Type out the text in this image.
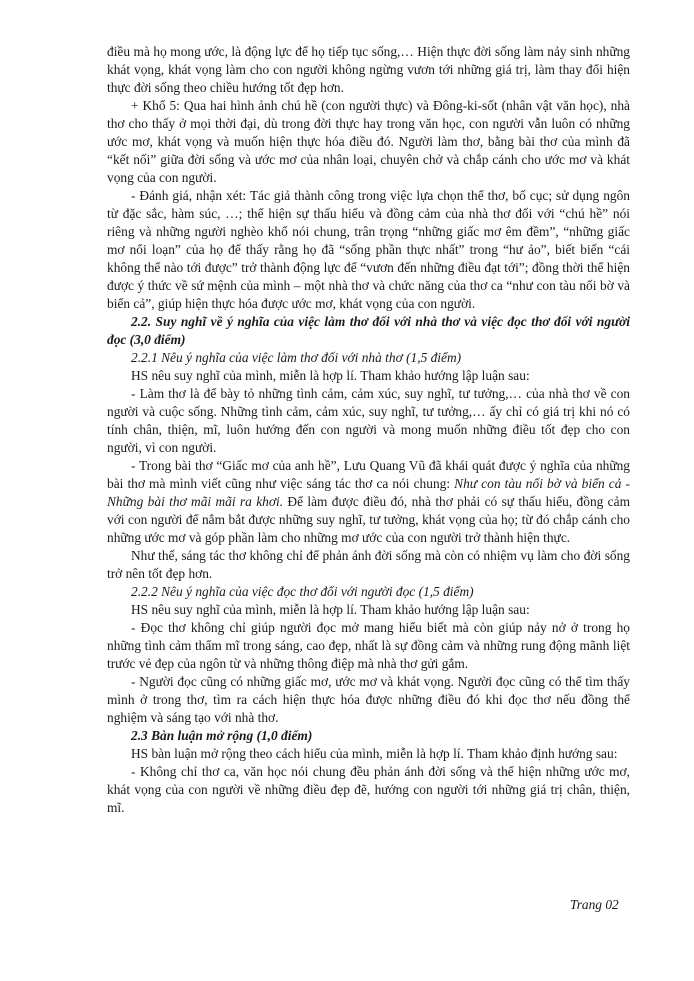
điều mà họ mong ước, là động lực để họ tiếp tục sống,… Hiện thực đời sống làm nảy sinh những khát vọng, khát vọng làm cho con người không ngừng vươn tới những giá trị, làm thay đổi hiện thực đời sống theo chiều hướng tốt đẹp hơn.

+ Khổ 5: Qua hai hình ảnh chú hề (con người thực) và Đông-ki-sốt (nhân vật văn học), nhà thơ cho thấy ở mọi thời đại, dù trong đời thực hay trong văn học, con người vẫn luôn có những ước mơ, khát vọng và muốn hiện thực hóa điều đó. Người làm thơ, bằng bài thơ của mình đã “kết nối” giữa đời sống và ước mơ của nhân loại, chuyên chở và chắp cánh cho ước mơ và khát vọng của con người.

- Đánh giá, nhận xét: Tác giả thành công trong việc lựa chọn thể thơ, bố cục; sử dụng ngôn từ đặc sắc, hàm súc, …; thể hiện sự thấu hiểu và đồng cảm của nhà thơ đối với “chú hề” nói riêng và những người nghèo khổ nói chung, trân trọng “những giấc mơ êm đềm”, “những giấc mơ nổi loạn” của họ để thấy rằng họ đã “sống phần thực nhất” trong “hư ảo”, biết biến “cái không thể nào tới được” trở thành động lực để “vươn đến những điều đạt tới”; đồng thời thể hiện được ý thức về sứ mệnh của mình – một nhà thơ và chức năng của thơ ca “như con tàu nối bờ và biển cả”, giúp hiện thực hóa được ước mơ, khát vọng của con người.

2.2. Suy nghĩ về ý nghĩa của việc làm thơ đối với nhà thơ và việc đọc thơ đối với người đọc (3,0 điểm)

2.2.1 Nêu ý nghĩa của việc làm thơ đối với nhà thơ (1,5 điểm)

HS nêu suy nghĩ của mình, miễn là hợp lí. Tham khảo hướng lập luận sau:

- Làm thơ là để bày tỏ những tình cảm, cảm xúc, suy nghĩ, tư tưởng,… của nhà thơ về con người và cuộc sống. Những tình cảm, cảm xúc, suy nghĩ, tư tưởng,… ấy chỉ có giá trị khi nó có tính chân, thiện, mĩ, luôn hướng đến con người và mong muốn những điều tốt đẹp cho con người, vì con người.

- Trong bài thơ “Giấc mơ của anh hề”, Lưu Quang Vũ đã khái quát được ý nghĩa của những bài thơ mà mình viết cũng như việc sáng tác thơ ca nói chung: Như con tàu nối bờ và biển cả - Những bài thơ mãi mãi ra khơi. Để làm được điều đó, nhà thơ phải có sự thấu hiểu, đồng cảm với con người để nắm bắt được những suy nghĩ, tư tưởng, khát vọng của họ; từ đó chắp cánh cho những ước mơ và góp phần làm cho những mơ ước của con người trở thành hiện thực.

Như thế, sáng tác thơ không chỉ để phản ánh đời sống mà còn có nhiệm vụ làm cho đời sống trở nên tốt đẹp hơn.

2.2.2 Nêu ý nghĩa của việc đọc thơ đối với người đọc (1,5 điểm)

HS nêu suy nghĩ của mình, miễn là hợp lí. Tham khảo hướng lập luận sau:

- Đọc thơ không chỉ giúp người đọc mở mang hiểu biết mà còn giúp nảy nở ở trong họ những tình cảm thẩm mĩ trong sáng, cao đẹp, nhất là sự đồng cảm và những rung động mãnh liệt trước vẻ đẹp của ngôn từ và những thông điệp mà nhà thơ gửi gắm.

- Người đọc cũng có những giấc mơ, ước mơ và khát vọng. Người đọc cũng có thể tìm thấy mình ở trong thơ, tìm ra cách hiện thực hóa được những điều đó khi đọc thơ nếu đồng thể nghiệm và sáng tạo với nhà thơ.

2.3 Bàn luận mở rộng (1,0 điểm)

HS bàn luận mở rộng theo cách hiểu của mình, miễn là hợp lí. Tham khảo định hướng sau:

- Không chỉ thơ ca, văn học nói chung đều phản ánh đời sống và thể hiện những ước mơ, khát vọng của con người về những điều đẹp đẽ, hướng con người tới những giá trị chân, thiện, mĩ.

Trang 02
